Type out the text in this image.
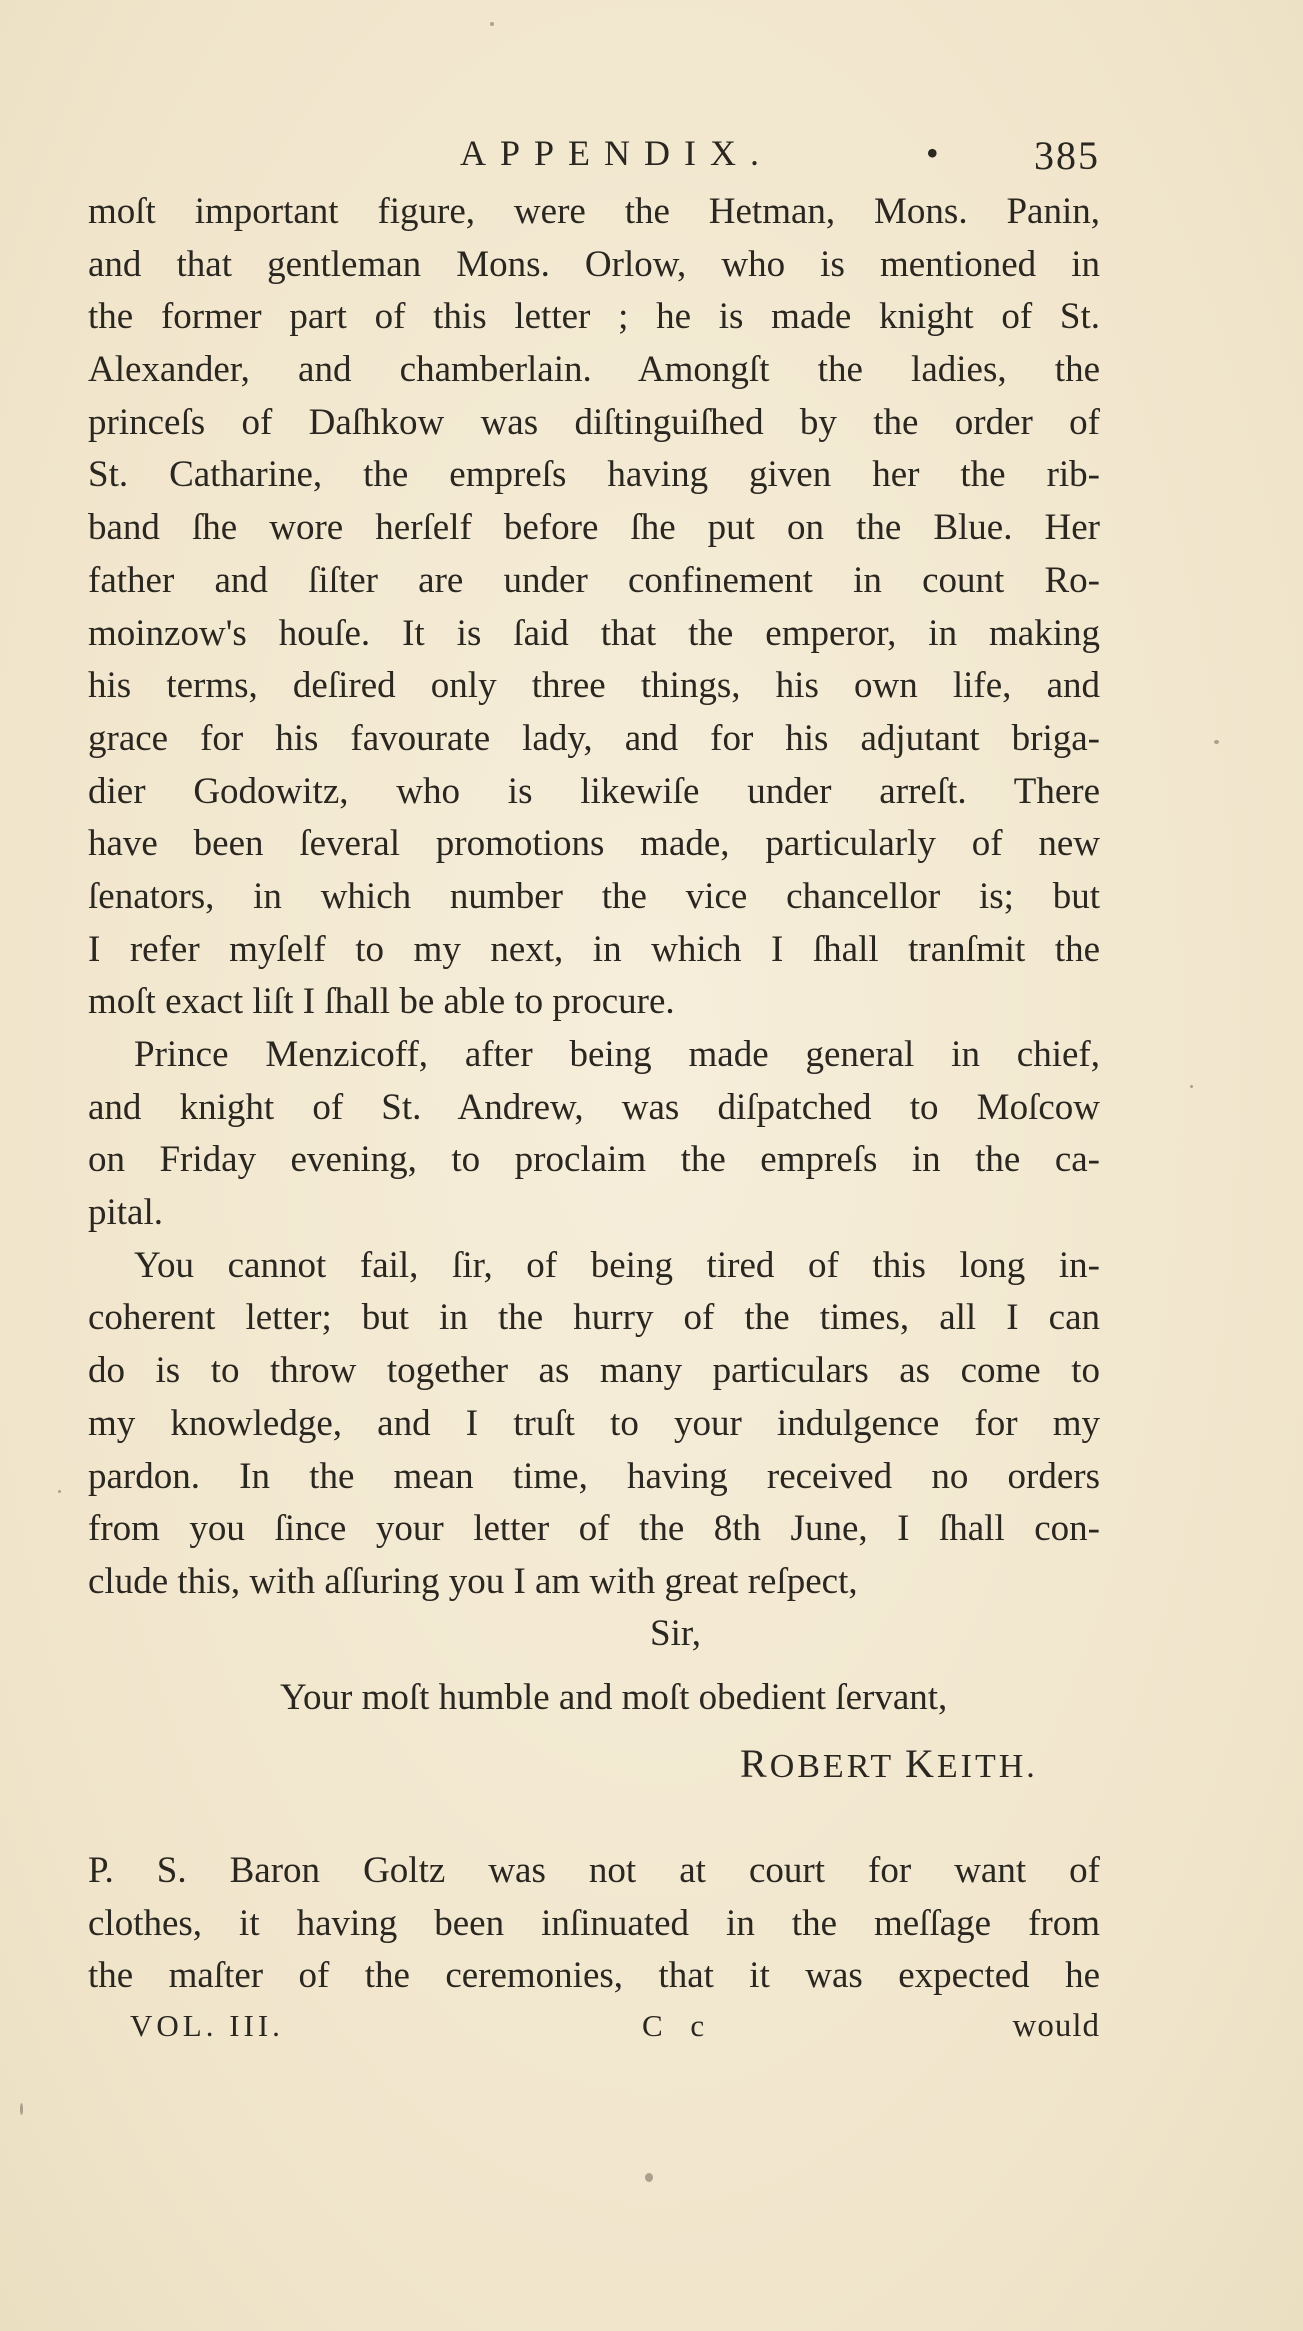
APPENDIX.	• 385
moſt important figure, were the Hetman, Mons. Panin,
and that gentleman Mons. Orlow, who is mentioned in
the former part of this letter ; he is made knight of St.
Alexander, and chamberlain. Amongſt the ladies, the
princeſs of Daſhkow was diſtinguiſhed by the order of
St. Catharine, the empreſs having given her the rib-
band ſhe wore herſelf before ſhe put on the Blue. Her
father and ſiſter are under confinement in count Ro-
moinzow's houſe. It is ſaid that the emperor, in making
his terms, deſired only three things, his own life, and
grace for his favourate lady, and for his adjutant briga-
dier Godowitz, who is likewiſe under arreſt. There
have been ſeveral promotions made, particularly of new
ſenators, in which number the vice chancellor is; but
I refer myſelf to my next, in which I ſhall tranſmit the
moſt exact liſt I ſhall be able to procure.
Prince Menzicoff, after being made general in chief,
and knight of St. Andrew, was diſpatched to Moſcow
on Friday evening, to proclaim the empreſs in the ca-
pital.
You cannot fail, ſir, of being tired of this long in-
coherent letter; but in the hurry of the times, all I can
do is to throw together as many particulars as come to
my knowledge, and I truſt to your indulgence for my
pardon. In the mean time, having received no orders
from you ſince your letter of the 8th June, I ſhall con-
clude this, with aſſuring you I am with great reſpect,
Sir,
Your moſt humble and moſt obedient ſervant,
ROBERT KEITH.
P. S. Baron Goltz was not at court for want of
clothes, it having been inſinuated in the meſſage from
the maſter of the ceremonies, that it was expected he
VOL. III.	C c	would
